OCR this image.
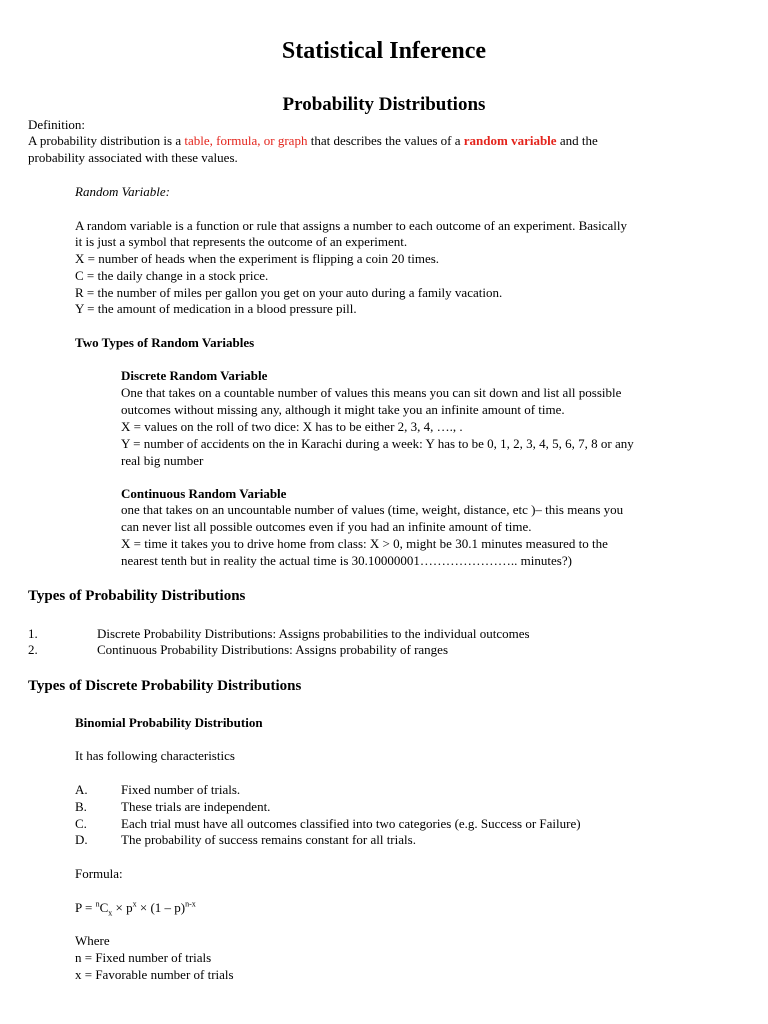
Statistical Inference
Probability Distributions
Definition:
A probability distribution is a table, formula, or graph that describes the values of a random variable and the
probability associated with these values.
Random Variable:
A random variable is a function or rule that assigns a number to each outcome of an experiment. Basically
it is just a symbol that represents the outcome of an experiment.
X = number of heads when the experiment is flipping a coin 20 times.
C = the daily change in a stock price.
R = the number of miles per gallon you get on your auto during a family vacation.
Y = the amount of medication in a blood pressure pill.
Two Types of Random Variables
Discrete Random Variable
One that takes on a countable number of values this means you can sit down and list all possible
outcomes without missing any, although it might take you an infinite amount of time.
X = values on the roll of two dice: X has to be either 2, 3, 4, …., .
Y = number of accidents on the in Karachi during a week: Y has to be 0, 1, 2, 3, 4, 5, 6, 7, 8 or any
real big number
Continuous Random Variable
one that takes on an uncountable number of values (time, weight, distance, etc )– this means you
can never list all possible outcomes even if you had an infinite amount of time.
X = time it takes you to drive home from class: X > 0, might be 30.1 minutes measured to the
nearest tenth but in reality the actual time is 30.10000001………………….. minutes?)
Types of Probability Distributions
1.	Discrete Probability Distributions: Assigns probabilities to the individual outcomes
2.	Continuous Probability Distributions: Assigns probability of ranges
Types of Discrete Probability Distributions
Binomial Probability Distribution
It has following characteristics
A.	Fixed number of trials.
B.	These trials are independent.
C.	Each trial must have all outcomes classified into two categories (e.g. Success or Failure)
D.	The probability of success remains constant for all trials.
Formula:
$P = ^nC_x \times p^x \times (1 - p)^{n-x}$
Where
n = Fixed number of trials
x = Favorable number of trials
